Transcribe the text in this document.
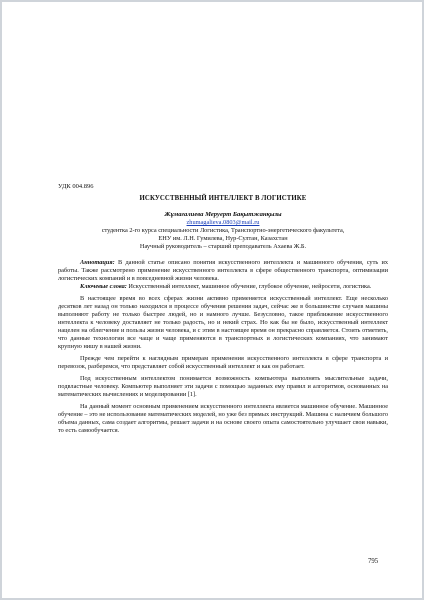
УДК 004.896

ИСКУССТВЕННЫЙ ИНТЕЛЛЕКТ В ЛОГИСТИКЕ

Жұмағалиева Меруерт Бақытжанқызы

zhumagalieva.0803@mail.ru

студентка 2-го курса специальности Логистика, Транспортно-энергетического факультета,

ЕНУ им. Л.Н. Гумилева, Нур-Султан, Казахстан

Научный руководитель – старший преподаватель Ахаева Ж.Б.

Аннотация: В данной статье описано понятия искусственного интеллекта и машинного обучения, суть их работы. Также рассмотрено применение искусственного интеллекта в сфере общественного транспорта, оптимизации логистических компаний и в повседневной жизни человека.

Ключевые слова: Искусственный интеллект, машинное обучение, глубокое обучение, нейросети, логистика.

В настоящее время во всех сферах жизни активно применяется искусственный интеллект. Еще несколько десятков лет назад он только находился в процессе обучения решения задач, сейчас же в большинстве случаев машины выполняют работу не только быстрее людей, но и намного лучше. Безусловно, такое приближение искусственного интеллекта к человеку доставляет не только радость, но и некий страх. Но как бы не было, искусственный интеллект нацелен на облегчение и пользы жизни человека, и с этим в настоящее время он прекрасно справляется. Стоить отметить, что данные технологии все чаще и чаще применяются в транспортных и логистических компаниях, что занимают крупную нишу в нашей жизни.

Прежде чем перейти к наглядным примерам применения искусственного интеллекта в сфере транспорта и перевозок, разберемся, что представляет собой искусственный интеллект и как он работает.

Под искусственным интеллектом понимается возможность компьютера выполнять мыслительные задачи, подвластные человеку. Компьютер выполняет эти задачи с помощью заданных ему правил и алгоритмов, основанных на математических вычислениях и моделировании [1].

На данный момент основным применением искусственного интеллекта является машинное обучение. Машинное обучение – это не использование математических моделей, но уже без прямых инструкций. Машина с наличием большого объема данных, сама создает алгоритмы, решает задачи и на основе своего опыта самостоятельно улучшает свои навыки, то есть самообучается.

795
